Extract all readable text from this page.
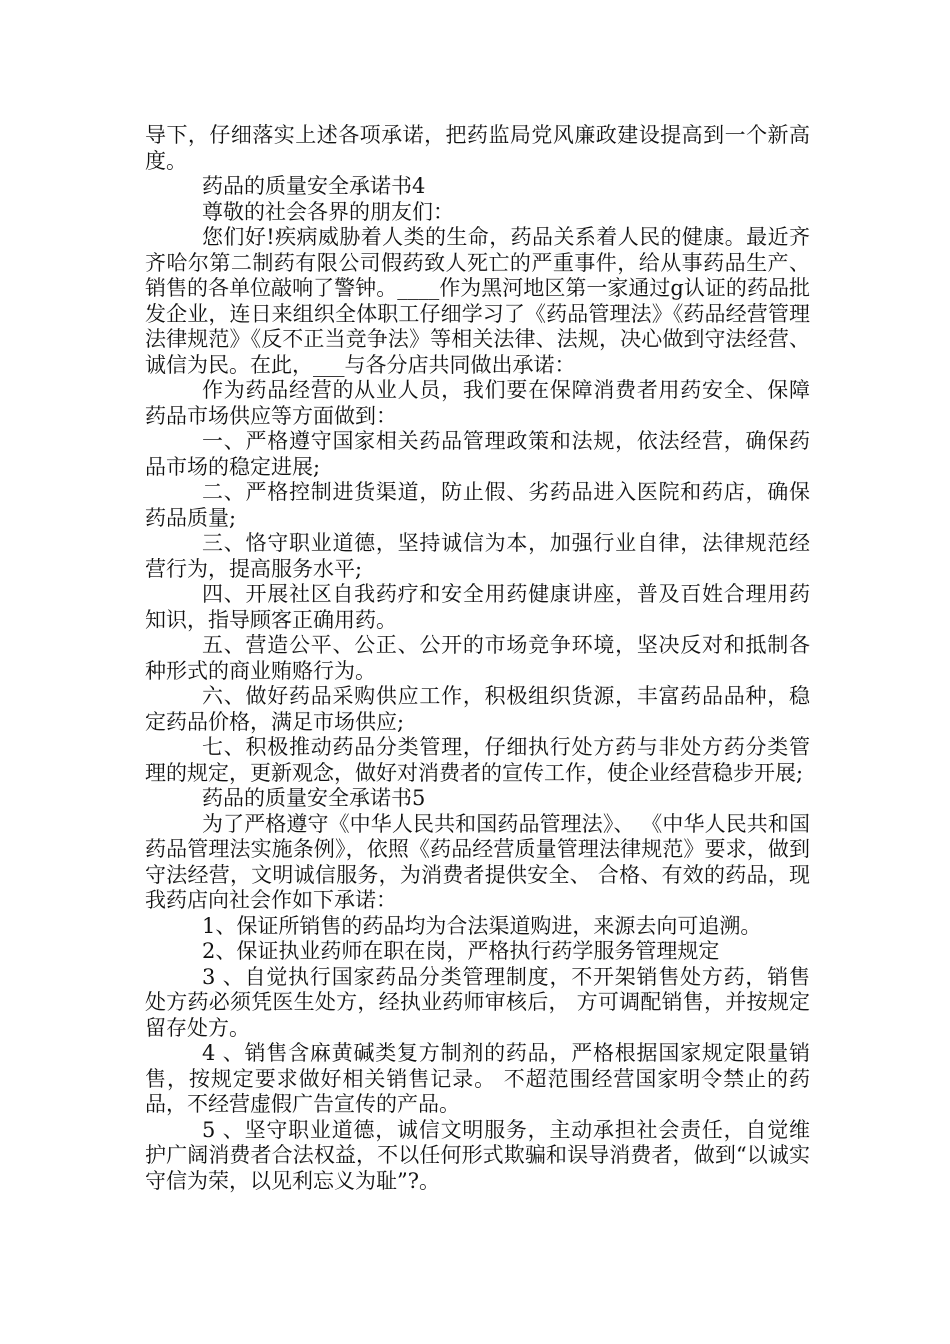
导下，仔细落实上述各项承诺，把药监局党风廉政建设提高到一个新高度。

药品的质量安全承诺书4

尊敬的社会各界的朋友们：

您们好!疾病威胁着人类的生命，药品关系着人民的健康。最近齐齐哈尔第二制药有限公司假药致人死亡的严重事件，给从事药品生产、销售的各单位敲响了警钟。____作为黑河地区第一家通过g认证的药品批发企业，连日来组织全体职工仔细学习了《药品管理法》《药品经营管理法律规范》《反不正当竞争法》等相关法律、法规，决心做到守法经营、诚信为民。在此，___与各分店共同做出承诺：

作为药品经营的从业人员，我们要在保障消费者用药安全、保障药品市场供应等方面做到：

一、严格遵守国家相关药品管理政策和法规，依法经营，确保药品市场的稳定进展;

二、严格控制进货渠道，防止假、劣药品进入医院和药店，确保药品质量;

三、恪守职业道德，坚持诚信为本，加强行业自律，法律规范经营行为，提高服务水平;

四、开展社区自我药疗和安全用药健康讲座，普及百姓合理用药知识，指导顾客正确用药。

五、营造公平、公正、公开的市场竞争环境，坚决反对和抵制各种形式的商业贿赂行为。

六、做好药品采购供应工作，积极组织货源，丰富药品品种，稳定药品价格，满足市场供应;

七、积极推动药品分类管理，仔细执行处方药与非处方药分类管理的规定，更新观念，做好对消费者的宣传工作，使企业经营稳步开展;

药品的质量安全承诺书5

为了严格遵守《中华人民共和国药品管理法》、 《中华人民共和国药品管理法实施条例》，依照《药品经营质量管理法律规范》要求，做到守法经营，文明诚信服务，为消费者提供安全、 合格、有效的药品，现我药店向社会作如下承诺：

1、保证所销售的药品均为合法渠道购进，来源去向可追溯。

2、保证执业药师在职在岗，严格执行药学服务管理规定

3 、自觉执行国家药品分类管理制度，不开架销售处方药，销售处方药必须凭医生处方，经执业药师审核后， 方可调配销售，并按规定留存处方。

4 、销售含麻黄碱类复方制剂的药品，严格根据国家规定限量销售，按规定要求做好相关销售记录。 不超范围经营国家明令禁止的药品，不经营虚假广告宣传的产品。

5 、坚守职业道德，诚信文明服务，主动承担社会责任，自觉维护广阔消费者合法权益，不以任何形式欺骗和误导消费者，做到“以诚实守信为荣，以见利忘义为耻”?。
